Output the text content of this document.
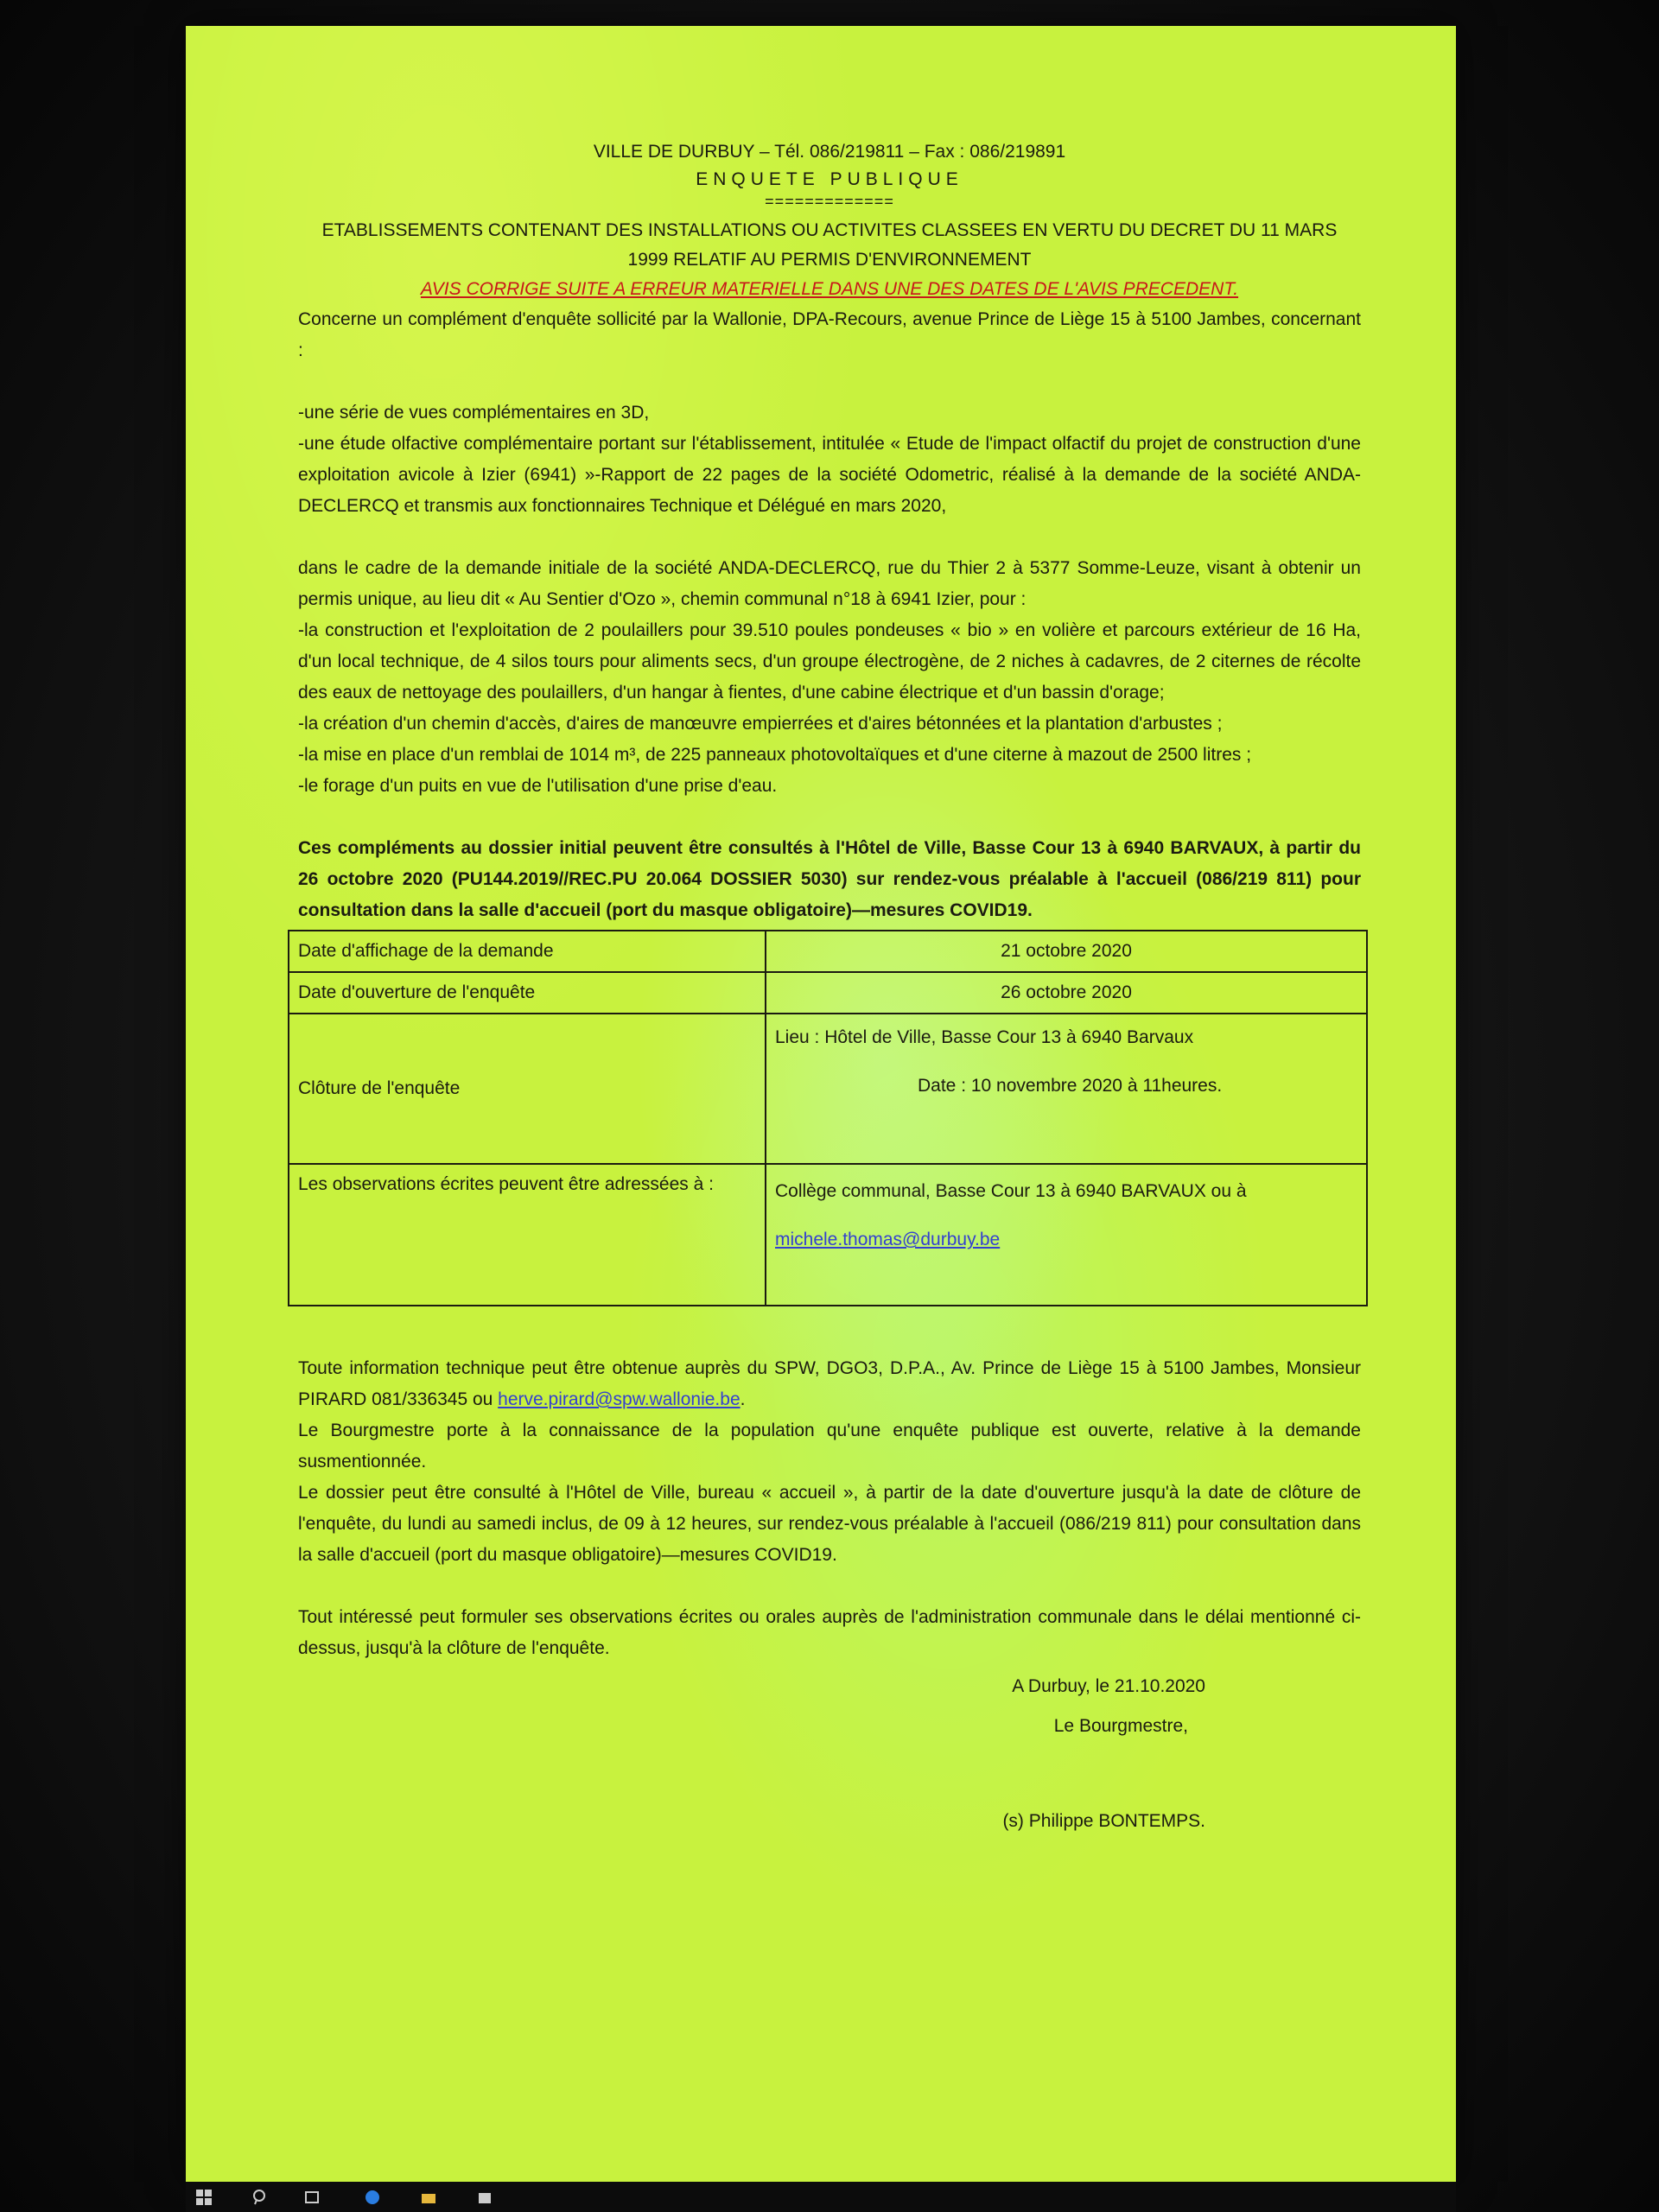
VILLE DE DURBUY – Tél. 086/219811 – Fax : 086/219891
ENQUETE PUBLIQUE
=============
ETABLISSEMENTS CONTENANT DES INSTALLATIONS OU ACTIVITES CLASSEES EN VERTU DU DECRET DU 11 MARS 1999 RELATIF AU PERMIS D'ENVIRONNEMENT
AVIS CORRIGE SUITE A ERREUR MATERIELLE DANS UNE DES DATES DE L'AVIS PRECEDENT.

Concerne un complément d'enquête sollicité par la Wallonie, DPA-Recours, avenue Prince de Liège 15 à 5100 Jambes, concernant :

-une série de vues complémentaires en 3D,

-une étude olfactive complémentaire portant sur l'établissement, intitulée « Etude de l'impact olfactif du projet de construction d'une exploitation avicole à Izier (6941) »-Rapport de 22 pages de la société Odometric, réalisé à la demande de la société ANDA-DECLERCQ et transmis aux fonctionnaires Technique et Délégué en mars 2020,

dans le cadre de la demande initiale de la société ANDA-DECLERCQ, rue du Thier 2 à 5377 Somme-Leuze, visant à obtenir un permis unique, au lieu dit « Au Sentier d'Ozo », chemin communal n°18 à 6941 Izier, pour :

-la construction et l'exploitation de 2 poulaillers pour 39.510 poules pondeuses « bio » en volière et parcours extérieur de 16 Ha, d'un local technique, de 4 silos tours pour aliments secs, d'un groupe électrogène, de 2 niches à cadavres, de 2 citernes de récolte des eaux de nettoyage des poulaillers, d'un hangar à fientes, d'une cabine électrique et d'un bassin d'orage;

-la création d'un chemin d'accès, d'aires de manœuvre empierrées et d'aires bétonnées et la plantation d'arbustes ;

-la mise en place d'un remblai de 1014 m³, de 225 panneaux photovoltaïques et d'une citerne à mazout de 2500 litres ;

-le forage d'un puits en vue de l'utilisation d'une prise d'eau.

Ces compléments au dossier initial peuvent être consultés à l'Hôtel de Ville, Basse Cour 13 à 6940 BARVAUX, à partir du 26 octobre 2020 (PU144.2019//REC.PU 20.064 DOSSIER 5030) sur rendez-vous préalable à l'accueil (086/219 811) pour consultation dans la salle d'accueil (port du masque obligatoire)—mesures COVID19.

Date d'affichage de la demande	21 octobre 2020
Date d'ouverture de l'enquête	26 octobre 2020
Clôture de l'enquête	Lieu : Hôtel de Ville, Basse Cour 13 à 6940 Barvaux
Date : 10 novembre 2020 à 11heures.

Les observations écrites peuvent être adressées à :	Collège communal, Basse Cour 13 à 6940 BARVAUX ou à
michele.thomas@durbuy.be

Toute information technique peut être obtenue auprès du SPW, DGO3, D.P.A., Av. Prince de Liège 15 à 5100 Jambes, Monsieur PIRARD 081/336345 ou herve.pirard@spw.wallonie.be.

Le Bourgmestre porte à la connaissance de la population qu'une enquête publique est ouverte, relative à la demande susmentionnée.

Le dossier peut être consulté à l'Hôtel de Ville, bureau « accueil », à partir de la date d'ouverture jusqu'à la date de clôture de l'enquête, du lundi au samedi inclus, de 09 à 12 heures, sur rendez-vous préalable à l'accueil (086/219 811) pour consultation dans la salle d'accueil (port du masque obligatoire)—mesures COVID19.

Tout intéressé peut formuler ses observations écrites ou orales auprès de l'administration communale dans le délai mentionné ci-dessus, jusqu'à la clôture de l'enquête.

A Durbuy, le 21.10.2020
Le Bourgmestre,
(s) Philippe BONTEMPS.
